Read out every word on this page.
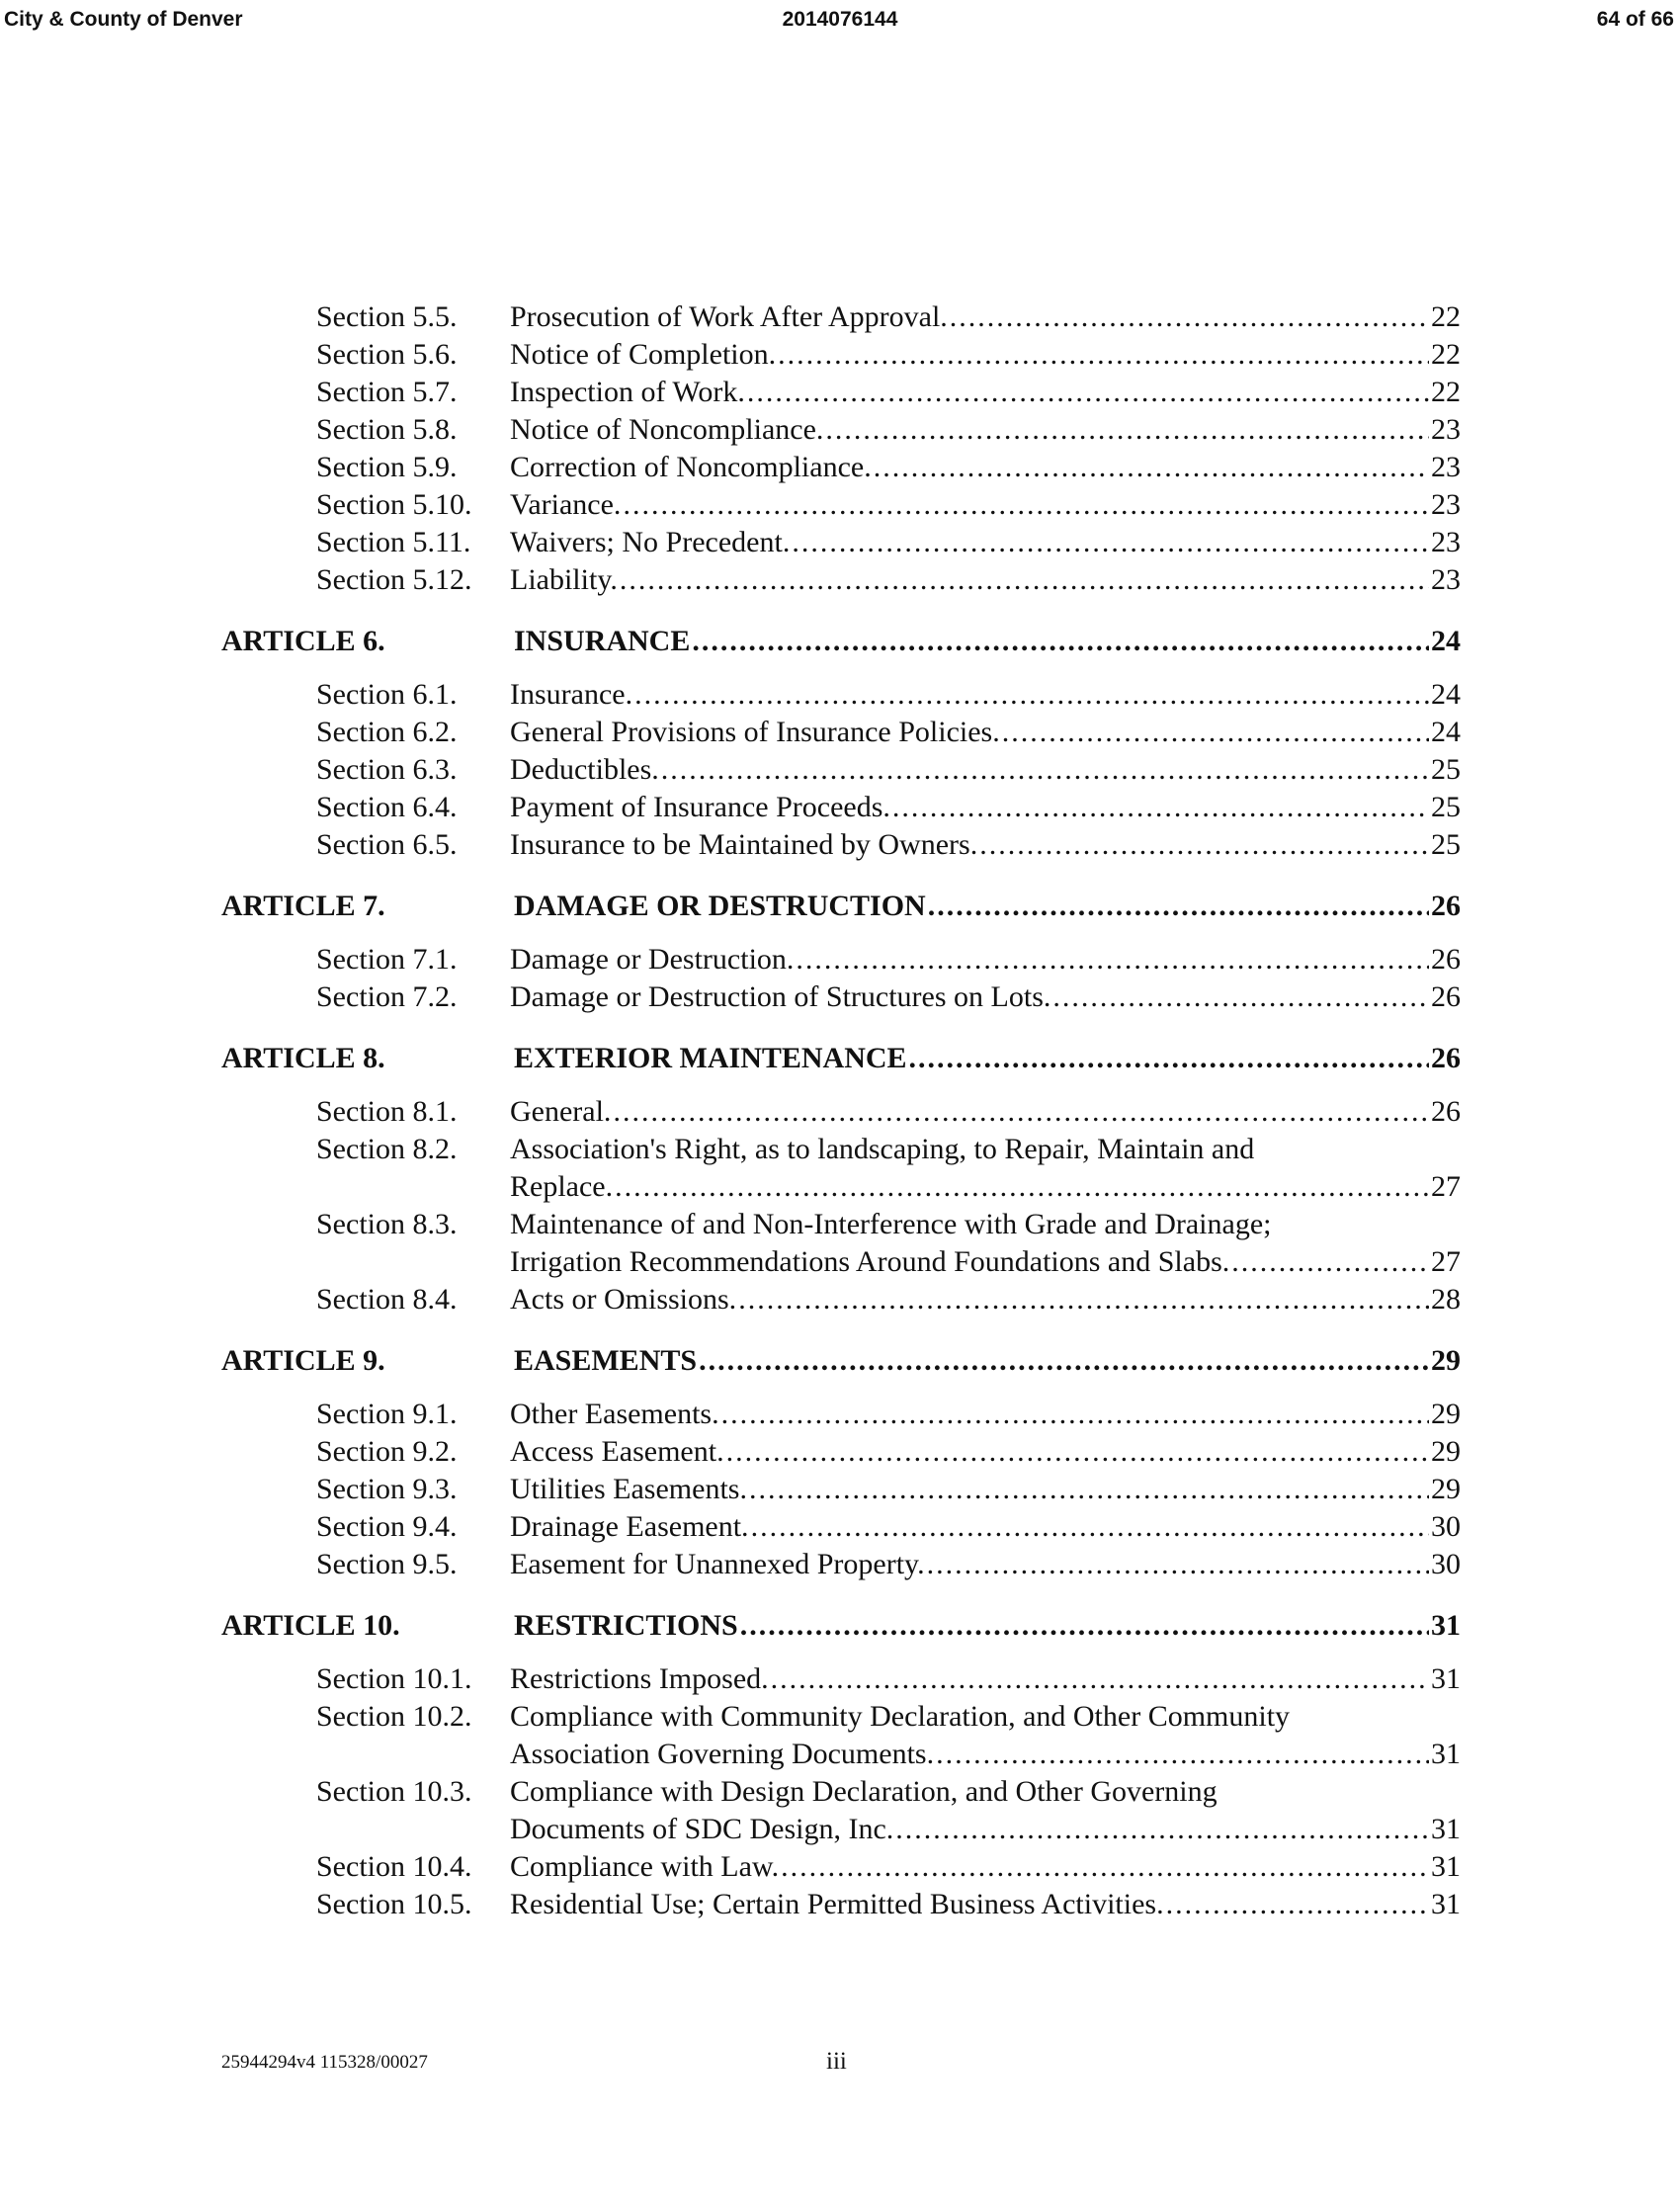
City & County of Denver	2014076144	64 of 66
Section 5.5.	Prosecution of Work After Approval. .....	22
Section 5.6.	Notice of Completion. .....	22
Section 5.7.	Inspection of Work. .....	22
Section 5.8.	Notice of Noncompliance. .....	23
Section 5.9.	Correction of Noncompliance. .....	23
Section 5.10.	Variance. .....	23
Section 5.11.	Waivers; No Precedent. .....	23
Section 5.12.	Liability. .....	23
ARTICLE 6.	INSURANCE .....	24
Section 6.1.	Insurance. .....	24
Section 6.2.	General Provisions of Insurance Policies. .....	24
Section 6.3.	Deductibles. .....	25
Section 6.4.	Payment of Insurance Proceeds. .....	25
Section 6.5.	Insurance to be Maintained by Owners. .....	25
ARTICLE 7.	DAMAGE OR DESTRUCTION .....	26
Section 7.1.	Damage or Destruction. .....	26
Section 7.2.	Damage or Destruction of Structures on Lots. .....	26
ARTICLE 8.	EXTERIOR MAINTENANCE .....	26
Section 8.1.	General. .....	26
Section 8.2.	Association's Right, as to landscaping, to Repair, Maintain and
Replace. .....	27
Section 8.3.	Maintenance of and Non-Interference with Grade and Drainage;
Irrigation Recommendations Around Foundations and Slabs. .....	27
Section 8.4.	Acts or Omissions. .....	28
ARTICLE 9.	EASEMENTS .....	29
Section 9.1.	Other Easements. .....	29
Section 9.2.	Access Easement. .....	29
Section 9.3.	Utilities Easements. .....	29
Section 9.4.	Drainage Easement. .....	30
Section 9.5.	Easement for Unannexed Property. .....	30
ARTICLE 10.	RESTRICTIONS .....	31
Section 10.1.	Restrictions Imposed. .....	31
Section 10.2.	Compliance with Community Declaration, and Other Community
Association Governing Documents. .....	31
Section 10.3.	Compliance with Design Declaration, and Other Governing
Documents of SDC Design, Inc. .....	31
Section 10.4.	Compliance with Law. .....	31
Section 10.5.	Residential Use; Certain Permitted Business Activities. .....	31
25944294v4 115328/00027	iii
